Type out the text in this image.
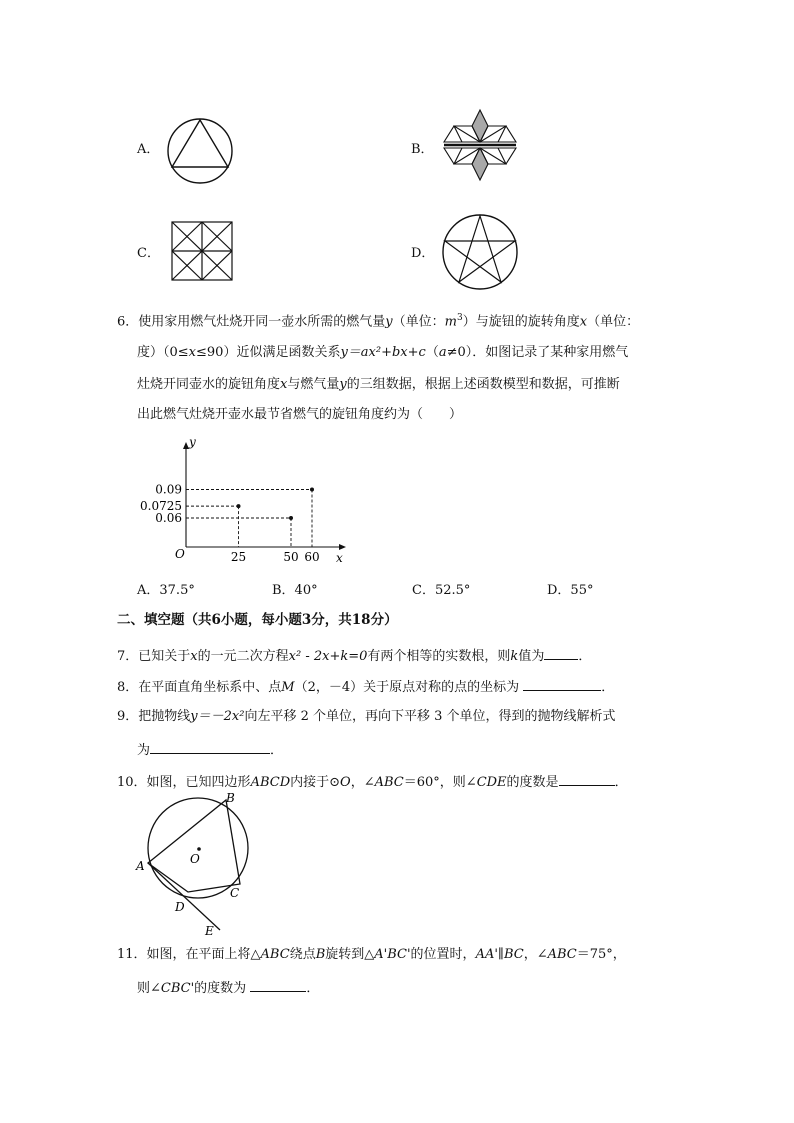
A．	B．
C．	D．
6．使用家用燃气灶烧开同一壶水所需的燃气量y（单位：$m^3$）与旋钮的旋转角度x（单位：
度）（0≤x≤90）近似满足函数关系y＝ax²+bx+c（a≠0）．如图记录了某种家用燃气
灶烧开同壶水的旋钮角度x与燃气量y的三组数据，根据上述函数模型和数据，可推断
出此燃气灶烧开壶水最节省燃气的旋钮角度约为（　　）
x
y
O	25	50 60
0.09
0.0725
0.06
A．37.5°	B．40°	C．52.5°	D．55°
二、填空题（共6小题，每小题3分，共18分）
7．已知关于x的一元二次方程x² - 2x+k=0有两个相等的实数根，则k值为	．
8．在平面直角坐标系中、点M（2，－4）关于原点对称的点的坐标为	．
9．把抛物线y＝－2x²向左平移 2 个单位，再向下平移 3 个单位，得到的抛物线解析式
为	．
10．如图，已知四边形ABCD内接于⊙O，∠ABC＝60°，则∠CDE的度数是	．
B
A
C
D
E
O
11．如图，在平面上将△ABC绕点B旋转到△A'BC'的位置时，AA'∥BC，∠ABC＝75°，
则∠CBC'的度数为	．
